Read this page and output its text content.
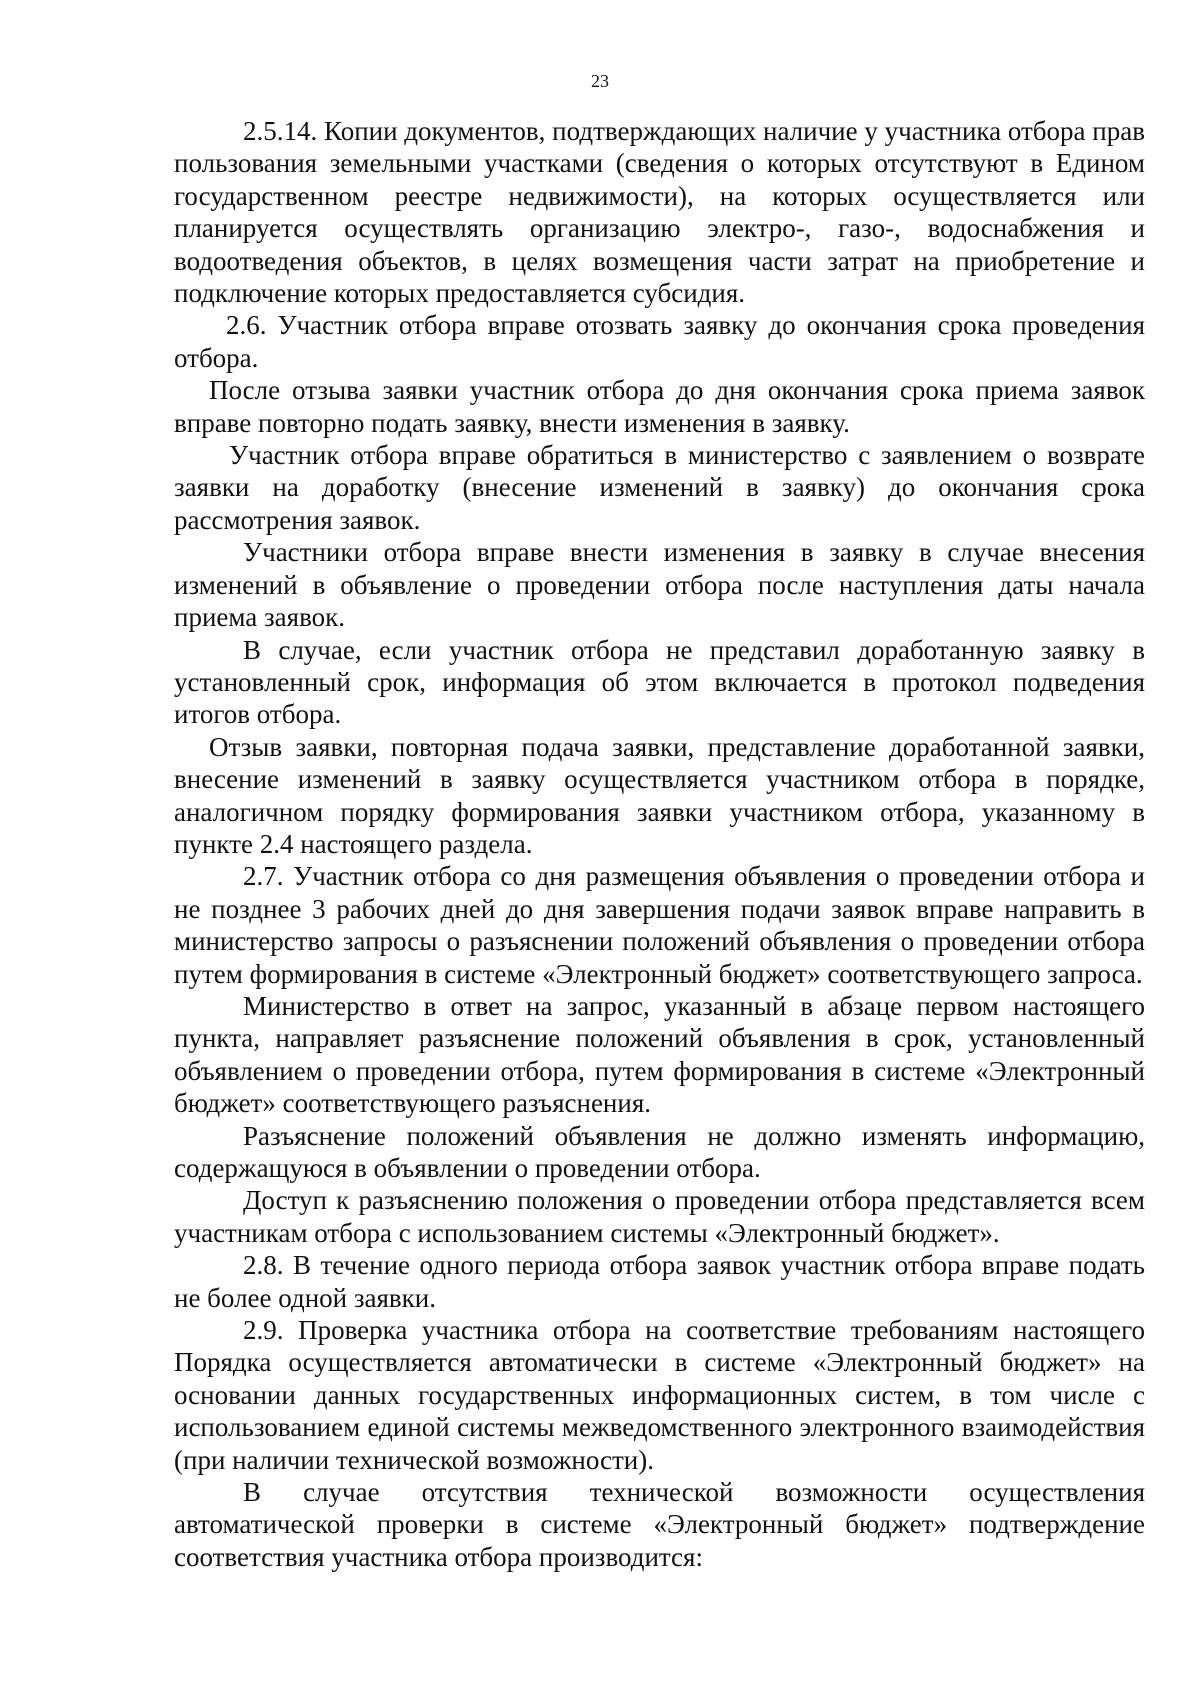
23

2.5.14. Копии документов, подтверждающих наличие у участника отбора прав пользования земельными участками (сведения о которых отсутствуют в Едином государственном реестре недвижимости), на которых осуществляется или планируется осуществлять организацию электро-, газо-, водоснабжения и водоотведения объектов, в целях возмещения части затрат на приобретение и подключение которых предоставляется субсидия.

2.6. Участник отбора вправе отозвать заявку до окончания срока проведения отбора.

После отзыва заявки участник отбора до дня окончания срока приема заявок вправе повторно подать заявку, внести изменения в заявку.

Участник отбора вправе обратиться в министерство с заявлением о возврате заявки на доработку (внесение изменений в заявку) до окончания срока рассмотрения заявок.

Участники отбора вправе внести изменения в заявку в случае внесения изменений в объявление о проведении отбора после наступления даты начала приема заявок.

В случае, если участник отбора не представил доработанную заявку в установленный срок, информация об этом включается в протокол подведения итогов отбора.

Отзыв заявки, повторная подача заявки, представление доработанной заявки, внесение изменений в заявку осуществляется участником отбора в порядке, аналогичном порядку формирования заявки участником отбора, указанному в пункте 2.4 настоящего раздела.

2.7. Участник отбора со дня размещения объявления о проведении отбора и не позднее 3 рабочих дней до дня завершения подачи заявок вправе направить в министерство запросы о разъяснении положений объявления о проведении отбора путем формирования в системе «Электронный бюджет» соответствующего запроса.

Министерство в ответ на запрос, указанный в абзаце первом настоящего пункта, направляет разъяснение положений объявления в срок, установленный объявлением о проведении отбора, путем формирования в системе «Электронный бюджет» соответствующего разъяснения.

Разъяснение положений объявления не должно изменять информацию, содержащуюся в объявлении о проведении отбора.

Доступ к разъяснению положения о проведении отбора представляется всем участникам отбора с использованием системы «Электронный бюджет».

2.8. В течение одного периода отбора заявок участник отбора вправе подать не более одной заявки.

2.9. Проверка участника отбора на соответствие требованиям настоящего Порядка осуществляется автоматически в системе «Электронный бюджет» на основании данных государственных информационных систем, в том числе с использованием единой системы межведомственного электронного взаимодействия (при наличии технической возможности).

В случае отсутствия технической возможности осуществления автоматической проверки в системе «Электронный бюджет» подтверждение соответствия участника отбора производится:
